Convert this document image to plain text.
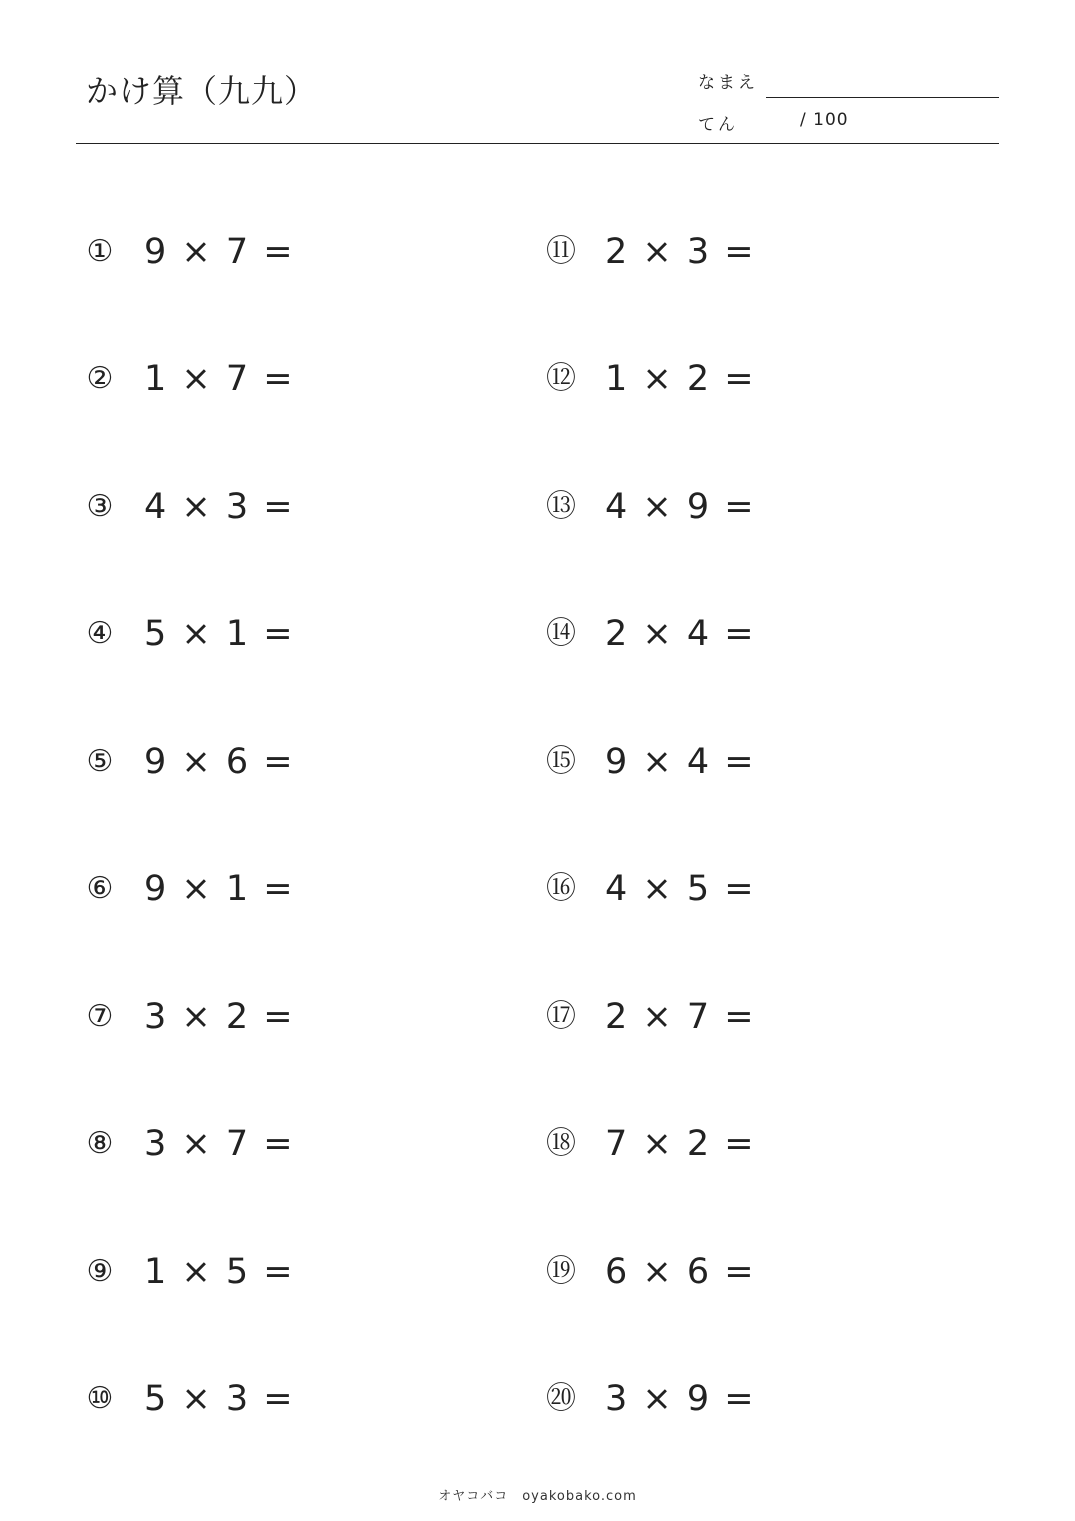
かけ算（九九）	なまえ
てん	/ 100
① 9 × 7 =
② 1 × 7 =
③ 4 × 3 =
④ 5 × 1 =
⑤ 9 × 6 =
⑥ 9 × 1 =
⑦ 3 × 2 =
⑧ 3 × 7 =
⑨ 1 × 5 =
⑩ 5 × 3 =
⑪ 2 × 3 =
⑫ 1 × 2 =
⑬ 4 × 9 =
⑭ 2 × 4 =
⑮ 9 × 4 =
⑯ 4 × 5 =
⑰ 2 × 7 =
⑱ 7 × 2 =
⑲ 6 × 6 =
⑳ 3 × 9 =
オヤコバコ　oyakobako.com
